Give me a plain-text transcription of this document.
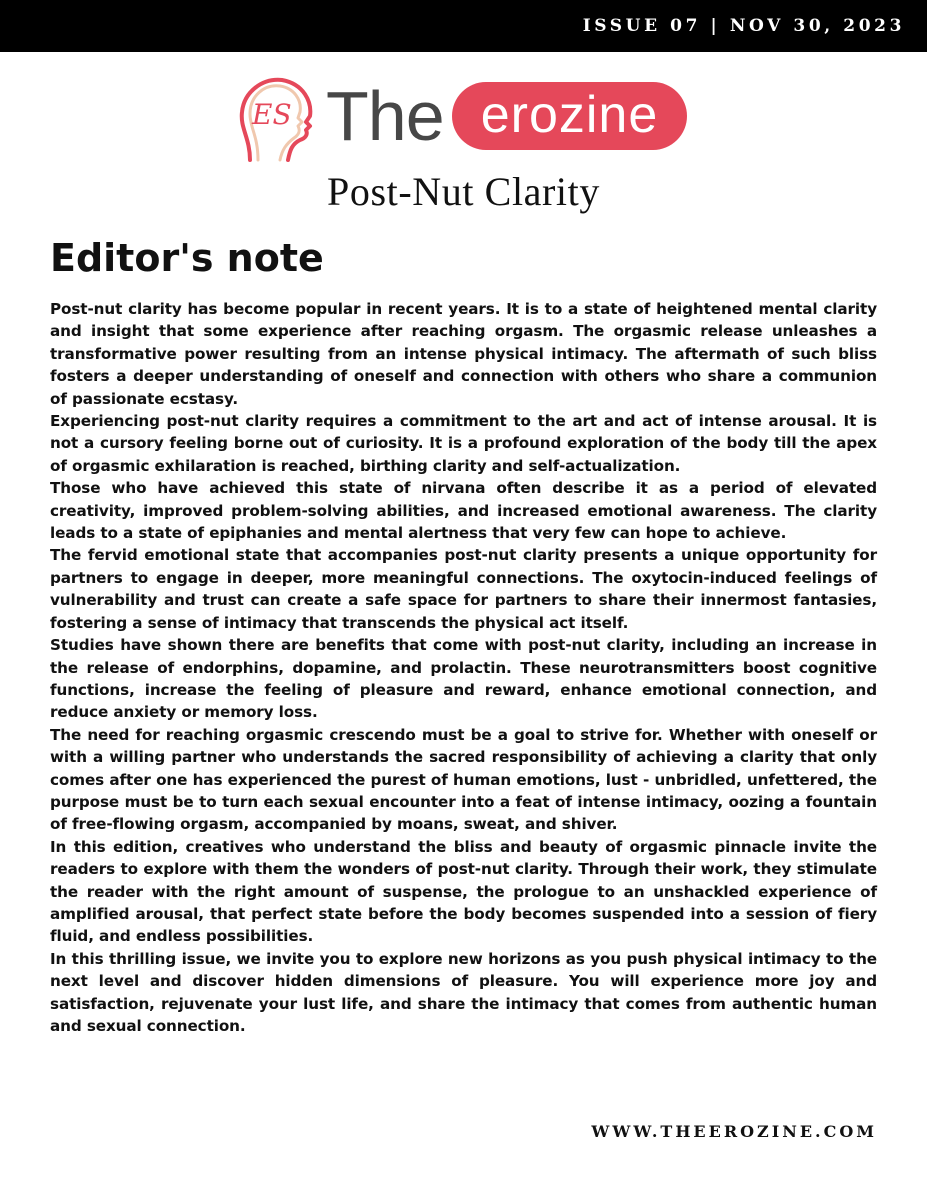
ISSUE 07 | NOV 30, 2023
ES The erozine
Post-Nut Clarity
Editor's note

Post-nut clarity has become popular in recent years. It is to a state of heightened mental clarity and insight that some experience after reaching orgasm. The orgasmic release unleashes a transformative power resulting from an intense physical intimacy. The aftermath of such bliss fosters a deeper understanding of oneself and connection with others who share a communion of passionate ecstasy.

Experiencing post-nut clarity requires a commitment to the art and act of intense arousal. It is not a cursory feeling borne out of curiosity. It is a profound exploration of the body till the apex of orgasmic exhilaration is reached, birthing clarity and self-actualization.

Those who have achieved this state of nirvana often describe it as a period of elevated creativity, improved problem-solving abilities, and increased emotional awareness. The clarity leads to a state of epiphanies and mental alertness that very few can hope to achieve.

The fervid emotional state that accompanies post-nut clarity presents a unique opportunity for partners to engage in deeper, more meaningful connections. The oxytocin-induced feelings of vulnerability and trust can create a safe space for partners to share their innermost fantasies, fostering a sense of intimacy that transcends the physical act itself.

Studies have shown there are benefits that come with post-nut clarity, including an increase in the release of endorphins, dopamine, and prolactin. These neurotransmitters boost cognitive functions, increase the feeling of pleasure and reward, enhance emotional connection, and reduce anxiety or memory loss.

The need for reaching orgasmic crescendo must be a goal to strive for. Whether with oneself or with a willing partner who understands the sacred responsibility of achieving a clarity that only comes after one has experienced the purest of human emotions, lust - unbridled, unfettered, the purpose must be to turn each sexual encounter into a feat of intense intimacy, oozing a fountain of free-flowing orgasm, accompanied by moans, sweat, and shiver.

In this edition, creatives who understand the bliss and beauty of orgasmic pinnacle invite the readers to explore with them the wonders of post-nut clarity. Through their work, they stimulate the reader with the right amount of suspense, the prologue to an unshackled experience of amplified arousal, that perfect state before the body becomes suspended into a session of fiery fluid, and endless possibilities.

In this thrilling issue, we invite you to explore new horizons as you push physical intimacy to the next level and discover hidden dimensions of pleasure. You will experience more joy and satisfaction, rejuvenate your lust life, and share the intimacy that comes from authentic human and sexual connection.

WWW.THEEROZINE.COM
